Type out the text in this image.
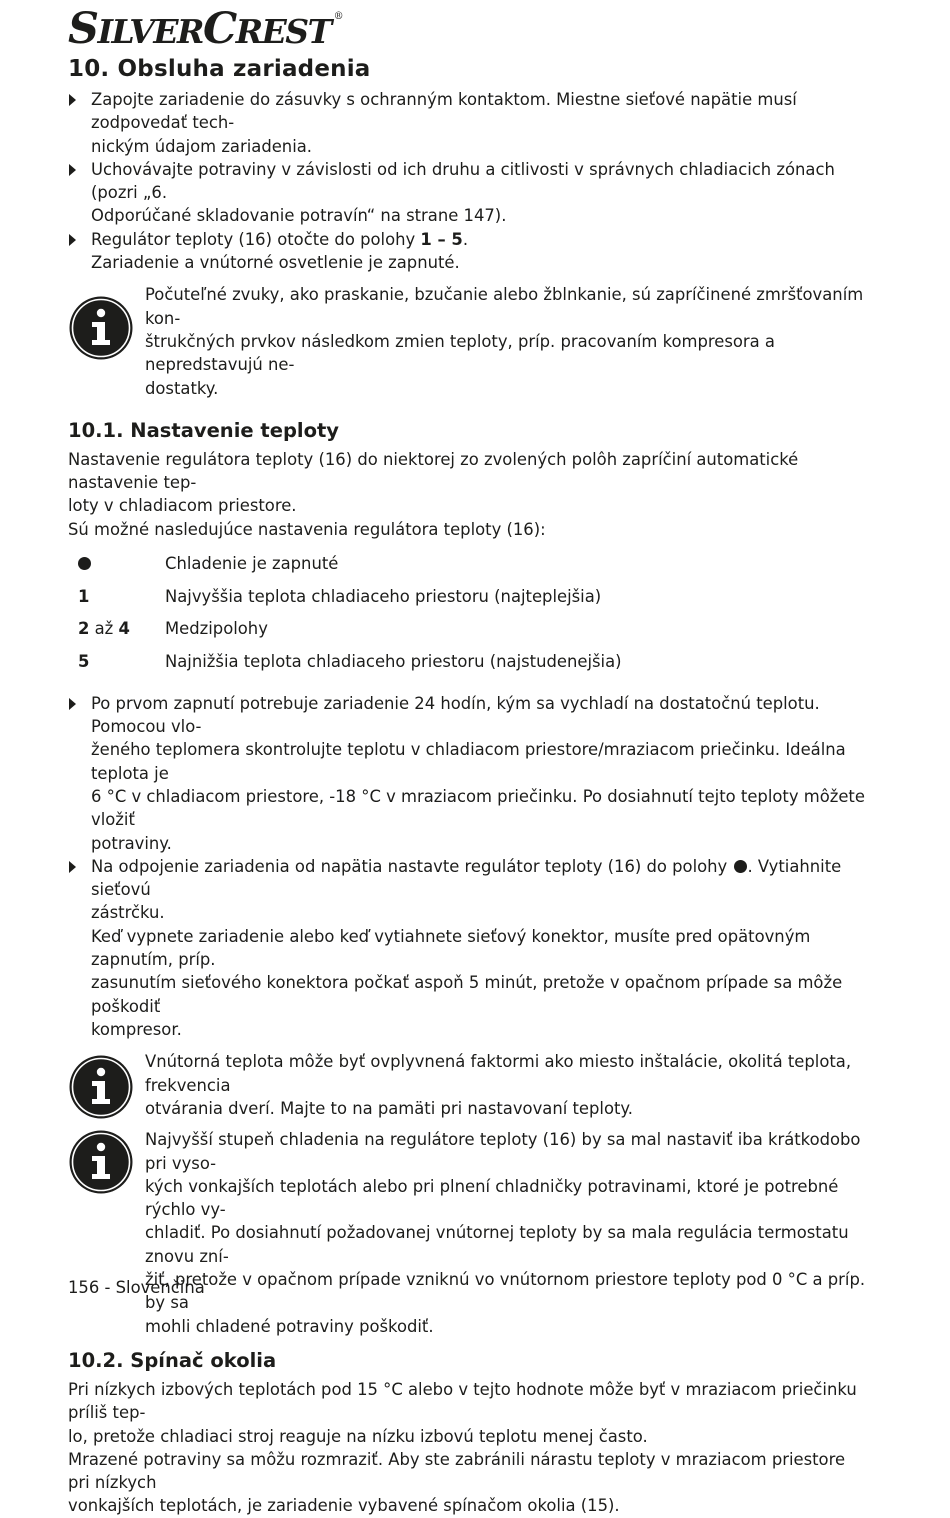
SILVERCREST ®
10. Obsluha zariadenia
Zapojte zariadenie do zásuvky s ochranným kontaktom. Miestne sieťové napätie musí zodpovedať tech-
nickým údajom zariadenia.
Uchovávajte potraviny v závislosti od ich druhu a citlivosti v správnych chladiacich zónach (pozri „6.
Odporúčané skladovanie potravín“ na strane 147).
Regulátor teploty (16) otočte do polohy 1 – 5.
Zariadenie a vnútorné osvetlenie je zapnuté.

Počuteľné zvuky, ako praskanie, bzučanie alebo žblnkanie, sú zapríčinené zmršťovaním kon-

štrukčných prvkov následkom zmien teploty, príp. pracovaním kompresora a nepredstavujú ne-

dostatky.

10.1. Nastavenie teploty

Nastavenie regulátora teploty (16) do niektorej zo zvolených polôh zapríčiní automatické nastavenie tep-

loty v chladiacom priestore.

Sú možné nasledujúce nastavenia regulátora teploty (16):

	Chladenie je zapnuté
1	Najvyššia teplota chladiaceho priestoru (najteplejšia)
2 až 4	Medzipolohy
5	Najnižšia teplota chladiaceho priestoru (najstudenejšia)
Po prvom zapnutí potrebuje zariadenie 24 hodín, kým sa vychladí na dostatočnú teplotu. Pomocou vlo-
ženého teplomera skontrolujte teplotu v chladiacom priestore/mraziacom priečinku. Ideálna teplota je
6 °C v chladiacom priestore, -18 °C v mraziacom priečinku. Po dosiahnutí tejto teploty môžete vložiť
potraviny.
Na odpojenie zariadenia od napätia nastavte regulátor teploty (16) do polohy . Vytiahnite sieťovú
zástrčku.
Keď vypnete zariadenie alebo keď vytiahnete sieťový konektor, musíte pred opätovným zapnutím, príp.
zasunutím sieťového konektora počkať aspoň 5 minút, pretože v opačnom prípade sa môže poškodiť
kompresor.

Vnútorná teplota môže byť ovplyvnená faktormi ako miesto inštalácie, okolitá teplota, frekvencia

otvárania dverí. Majte to na pamäti pri nastavovaní teploty.

Najvyšší stupeň chladenia na regulátore teploty (16) by sa mal nastaviť iba krátkodobo pri vyso-

kých vonkajších teplotách alebo pri plnení chladničky potravinami, ktoré je potrebné rýchlo vy-

chladiť. Po dosiahnutí požadovanej vnútornej teploty by sa mala regulácia termostatu znovu zní-

žiť, pretože v opačnom prípade vzniknú vo vnútornom priestore teploty pod 0 °C a príp. by sa

mohli chladené potraviny poškodiť.

10.2. Spínač okolia

Pri nízkych izbových teplotách pod 15 °C alebo v tejto hodnote môže byť v mraziacom priečinku príliš tep-

lo, pretože chladiaci stroj reaguje na nízku izbovú teplotu menej často.

Mrazené potraviny sa môžu rozmraziť. Aby ste zabránili nárastu teploty v mraziacom priestore pri nízkych

vonkajších teplotách, je zariadenie vybavené spínačom okolia (15).

156 - Slovenčina
